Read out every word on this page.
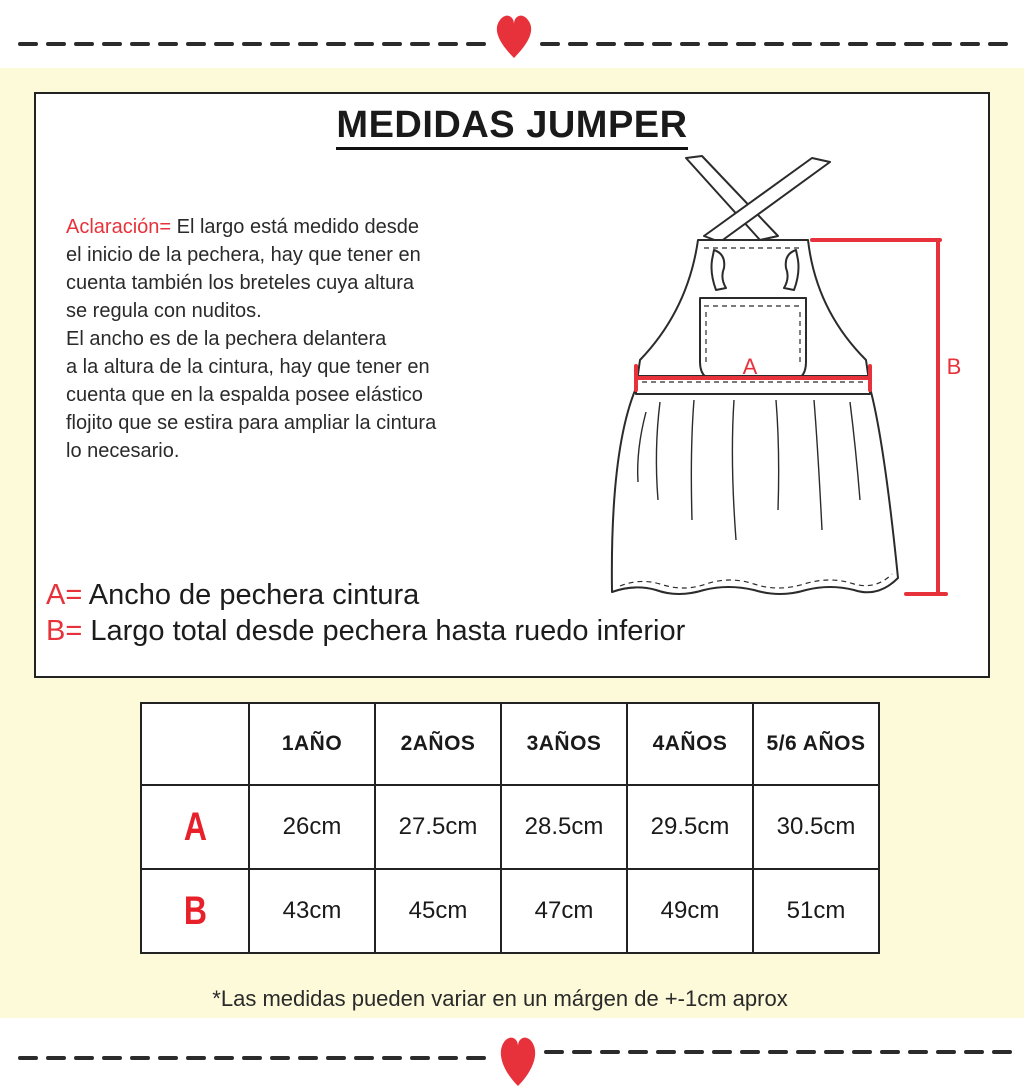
MEDIDAS JUMPER
Aclaración= El largo está medido desde
el inicio de la pechera, hay que tener en
cuenta también los breteles cuya altura
se regula con nuditos.
El ancho es de la pechera delantera
a la altura de la cintura, hay que tener en
cuenta que en la espalda posee elástico
flojito que se estira para ampliar la cintura
lo necesario.
A	B
A= Ancho de pechera cintura
B= Largo total desde pechera hasta ruedo inferior
	1AÑO	2AÑOS	3AÑOS	4AÑOS	5/6 AÑOS
A	26cm	27.5cm	28.5cm	29.5cm	30.5cm
B	43cm	45cm	47cm	49cm	51cm
*Las medidas pueden variar en un márgen de +-1cm aprox
